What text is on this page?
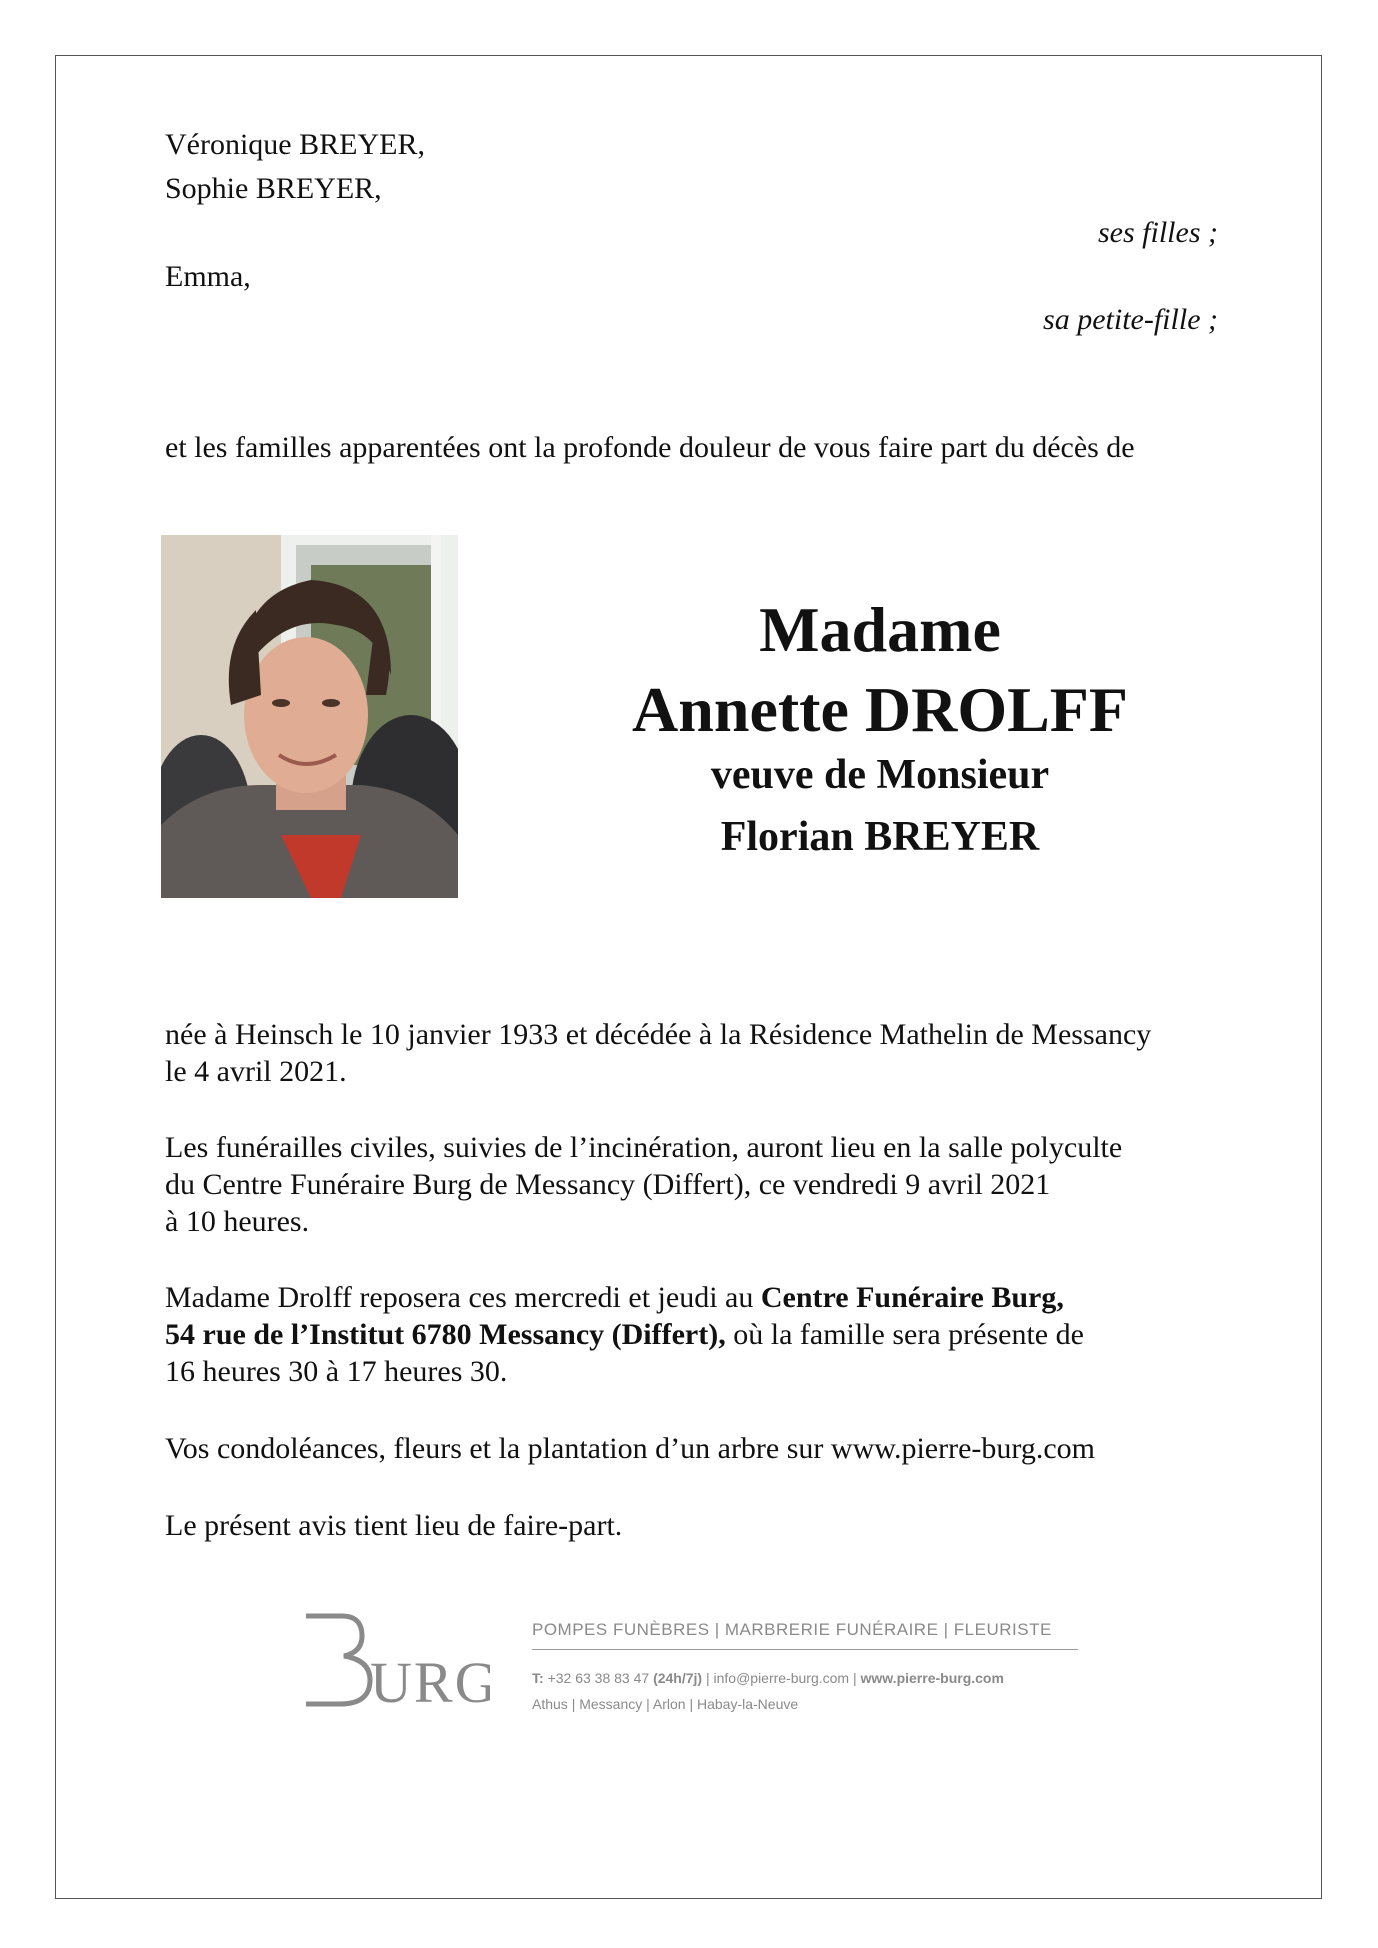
Véronique BREYER,
Sophie BREYER,
ses filles ;
Emma,
sa petite-fille ;
et les familles apparentées ont la profonde douleur de vous faire part du décès de
Madame
Annette DROLFF
veuve de Monsieur
Florian BREYER

née à Heinsch le 10 janvier 1933 et décédée à la Résidence Mathelin de Messancy

le 4 avril 2021.

Les funérailles civiles, suivies de l’incinération, auront lieu en la salle polyculte

du Centre Funéraire Burg de Messancy (Differt), ce vendredi 9 avril 2021

à 10 heures.

Madame Drolff reposera ces mercredi et jeudi au Centre Funéraire Burg,

54 rue de l’Institut 6780 Messancy (Differt), où la famille sera présente de

16 heures 30 à 17 heures 30.

Vos condoléances, fleurs et la plantation d’un arbre sur www.pierre-burg.com
Le présent avis tient lieu de faire-part.
URG
POMPES FUNÈBRES | MARBRERIE FUNÉRAIRE | FLEURISTE
T: +32 63 38 83 47 (24h/7j) | info@pierre-burg.com | www.pierre-burg.com
Athus | Messancy | Arlon | Habay-la-Neuve
